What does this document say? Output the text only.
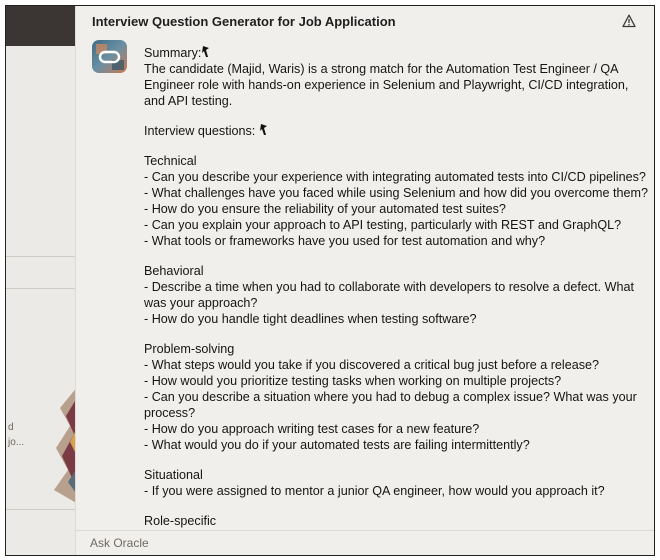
d
jo...
Interview Question Generator for Job Application

Summary:

The candidate (Majid, Waris) is a strong match for the Automation Test Engineer / QA Engineer role with hands-on experience in Selenium and Playwright, CI/CD integration, and API testing.

Interview questions:

Technical

- Can you describe your experience with integrating automated tests into CI/CD pipelines?

- What challenges have you faced while using Selenium and how did you overcome them?

- How do you ensure the reliability of your automated test suites?

- Can you explain your approach to API testing, particularly with REST and GraphQL?

- What tools or frameworks have you used for test automation and why?

Behavioral

- Describe a time when you had to collaborate with developers to resolve a defect. What was your approach?

- How do you handle tight deadlines when testing software?

Problem-solving

- What steps would you take if you discovered a critical bug just before a release?

- How would you prioritize testing tasks when working on multiple projects?

- Can you describe a situation where you had to debug a complex issue? What was your process?

- How do you approach writing test cases for a new feature?

- What would you do if your automated tests are failing intermittently?

Situational

- If you were assigned to mentor a junior QA engineer, how would you approach it?

Role-specific

Ask Oracle
